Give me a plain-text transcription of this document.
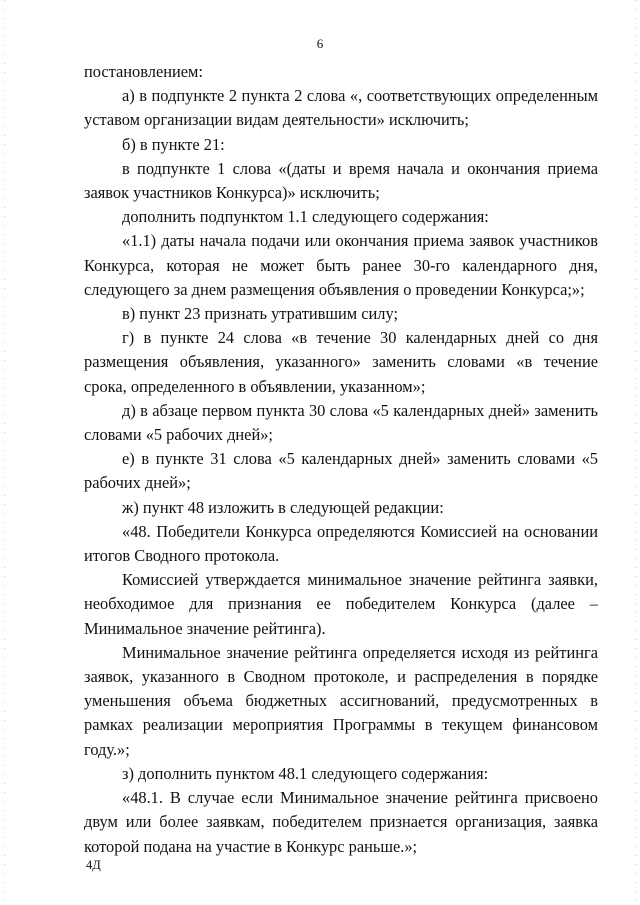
6

постановлением:

а) в подпункте 2 пункта 2 слова «, соответствующих определенным уставом организации видам деятельности» исключить;

б) в пункте 21:

в подпункте 1 слова «(даты и время начала и окончания приема заявок участников Конкурса)» исключить;

дополнить подпунктом 1.1 следующего содержания:

«1.1) даты начала подачи или окончания приема заявок участников Конкурса, которая не может быть ранее 30-го календарного дня, следующего за днем размещения объявления о проведении Конкурса;»;

в) пункт 23 признать утратившим силу;

г) в пункте 24 слова «в течение 30 календарных дней со дня размещения объявления, указанного» заменить словами «в течение срока, определенного в объявлении, указанном»;

д) в абзаце первом пункта 30 слова «5 календарных дней» заменить словами «5 рабочих дней»;

е) в пункте 31 слова «5 календарных дней» заменить словами «5 рабочих дней»;

ж) пункт 48 изложить в следующей редакции:

«48. Победители Конкурса определяются Комиссией на основании итогов Сводного протокола.

Комиссией утверждается минимальное значение рейтинга заявки, необходимое для признания ее победителем Конкурса (далее – Минимальное значение рейтинга).

Минимальное значение рейтинга определяется исходя из рейтинга заявок, указанного в Сводном протоколе, и распределения в порядке уменьшения объема бюджетных ассигнований, предусмотренных в рамках реализации мероприятия Программы в текущем финансовом году.»;

з) дополнить пунктом 48.1 следующего содержания:

«48.1. В случае если Минимальное значение рейтинга присвоено двум или более заявкам, победителем признается организация, заявка которой подана на участие в Конкурс раньше.»;

4Д
